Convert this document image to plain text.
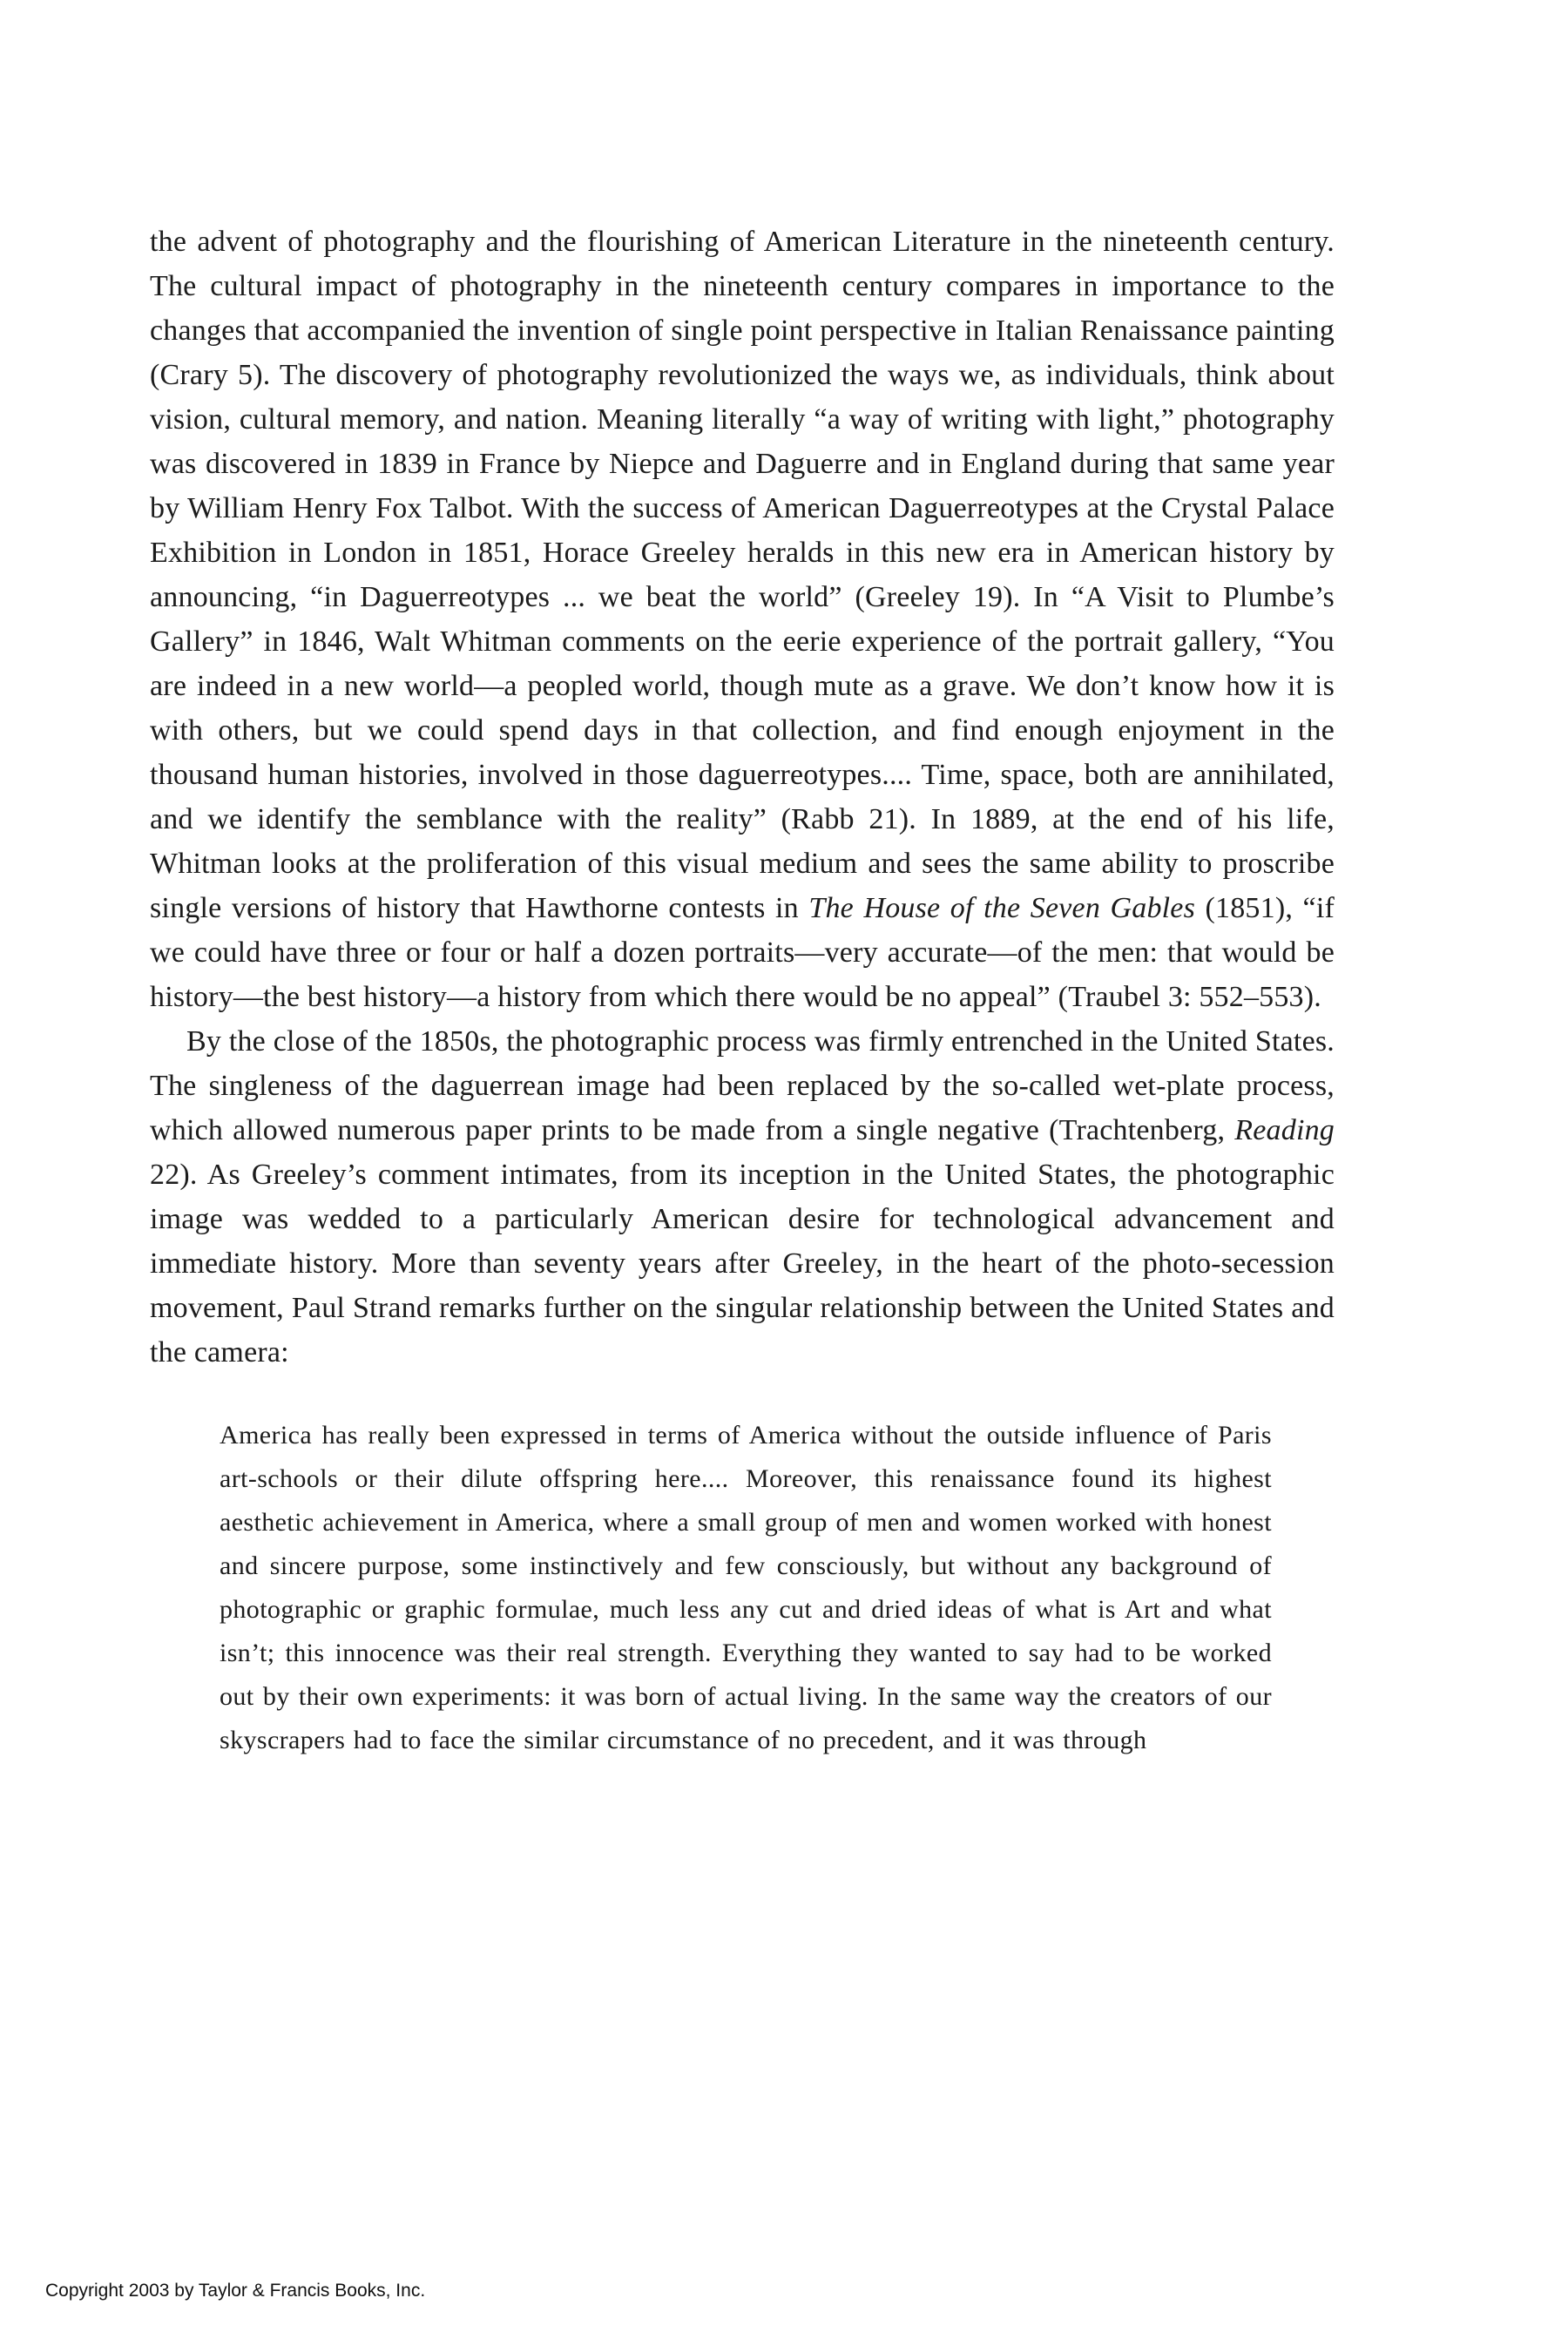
the advent of photography and the flourishing of American Literature in the nineteenth century. The cultural impact of photography in the nineteenth century compares in importance to the changes that accompanied the invention of single point perspective in Italian Renaissance painting (Crary 5). The discovery of photography revolutionized the ways we, as individuals, think about vision, cultural memory, and nation. Meaning literally “a way of writing with light,” photography was discovered in 1839 in France by Niepce and Daguerre and in England during that same year by William Henry Fox Talbot. With the success of American Daguerreotypes at the Crystal Palace Exhibition in London in 1851, Horace Greeley heralds in this new era in American history by announcing, “in Daguerreotypes ... we beat the world” (Greeley 19). In “A Visit to Plumbe’s Gallery” in 1846, Walt Whitman comments on the eerie experience of the portrait gallery, “You are indeed in a new world—a peopled world, though mute as a grave. We don’t know how it is with others, but we could spend days in that collection, and find enough enjoyment in the thousand human histories, involved in those daguerreotypes.... Time, space, both are annihilated, and we identify the semblance with the reality” (Rabb 21). In 1889, at the end of his life, Whitman looks at the proliferation of this visual medium and sees the same ability to proscribe single versions of history that Hawthorne contests in The House of the Seven Gables (1851), “if we could have three or four or half a dozen portraits—very accurate—of the men: that would be history—the best history—a history from which there would be no appeal” (Traubel 3: 552–553).

By the close of the 1850s, the photographic process was firmly entrenched in the United States. The singleness of the daguerrean image had been replaced by the so-called wet-plate process, which allowed numerous paper prints to be made from a single negative (Trachtenberg, Reading 22). As Greeley’s comment intimates, from its inception in the United States, the photographic image was wedded to a particularly American desire for technological advancement and immediate history. More than seventy years after Greeley, in the heart of the photo-secession movement, Paul Strand remarks further on the singular relationship between the United States and the camera:

America has really been expressed in terms of America without the outside influence of Paris art-schools or their dilute offspring here.... Moreover, this renaissance found its highest aesthetic achievement in America, where a small group of men and women worked with honest and sincere purpose, some instinctively and few consciously, but without any background of photographic or graphic formulae, much less any cut and dried ideas of what is Art and what isn’t; this innocence was their real strength. Everything they wanted to say had to be worked out by their own experiments: it was born of actual living. In the same way the creators of our skyscrapers had to face the similar circumstance of no precedent, and it was through
Copyright 2003 by Taylor & Francis Books, Inc.
